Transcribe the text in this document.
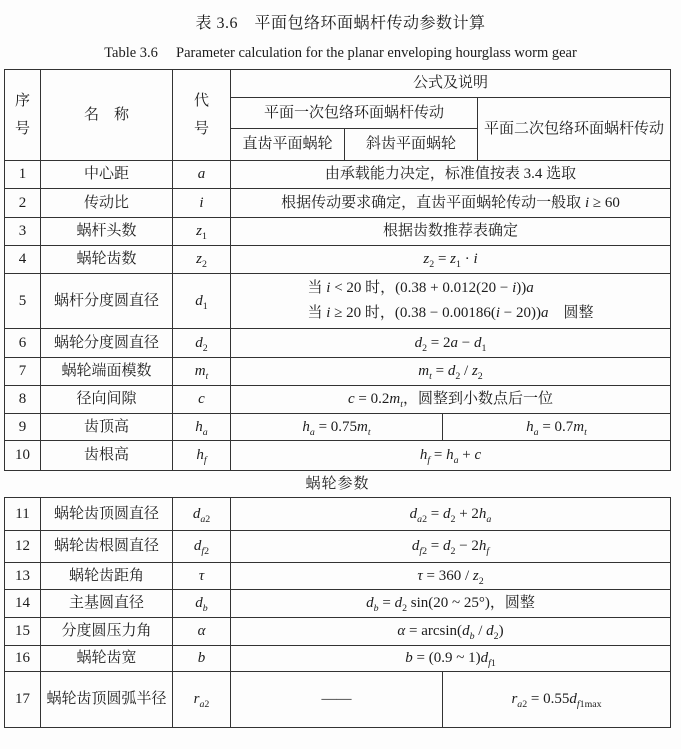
表 3.6　平面包络环面蜗杆传动参数计算
Table 3.6　 Parameter calculation for the planar enveloping hourglass worm gear
序号	名　称	代号	公式及说明			
			平面一次包络环面蜗杆传动			平面二次包络环面蜗杆传动
			直齿平面蜗轮	斜齿平面蜗轮		
1	中心距	a	由承载能力决定，标准值按表 3.4 选取			
2	传动比	i	根据传动要求确定，直齿平面蜗轮传动一般取 i ≥ 60			
3	蜗杆头数	$z_1$	根据齿数推荐表确定			
4	蜗轮齿数	$z_2$	$z_2 = z_1 \cdot i$			
5	蜗杆分度圆直径	$d_1$	当 i < 20 时，(0.38 + 0.012(20 − i))a
当 i ≥ 20 时，(0.38 − 0.00186(i − 20))a　圆整			

6	蜗轮分度圆直径	$d_2$	$d_2 = 2a - d_1$
7	蜗轮端面模数	$m_t$	$m_t = d_2 / z_2$
8	径向间隙	c	$c = 0.2m_t$，圆整到小数点后一位			
9	齿顶高	$h_a$	$h_a = 0.75m_t$		$h_a = 0.7m_t$
10	齿根高	$h_f$	$h_f = h_a + c$			
蜗轮参数						
11	蜗轮齿顶圆直径	$d_{a2}$	$d_{a2} = d_2 + 2h_a$
12	蜗轮齿根圆直径	$d_{f2}$	$d_{f2} = d_2 - 2h_f$
13	蜗轮齿距角	τ	$\tau = 360 / z_2$
14	主基圆直径	$d_b$	$d_b = d_2$ sin(20 ~ 25°)，圆整			
15	分度圆压力角	α	$\alpha = \arcsin(d_b / d_2)$			
16	蜗轮齿宽	b	b = (0.9 ~ $1)d_{f1}$
17	蜗轮齿顶圆弧半径	$r_{a2}$	——		$r_{a2} = 0.55d_{f1max}$
